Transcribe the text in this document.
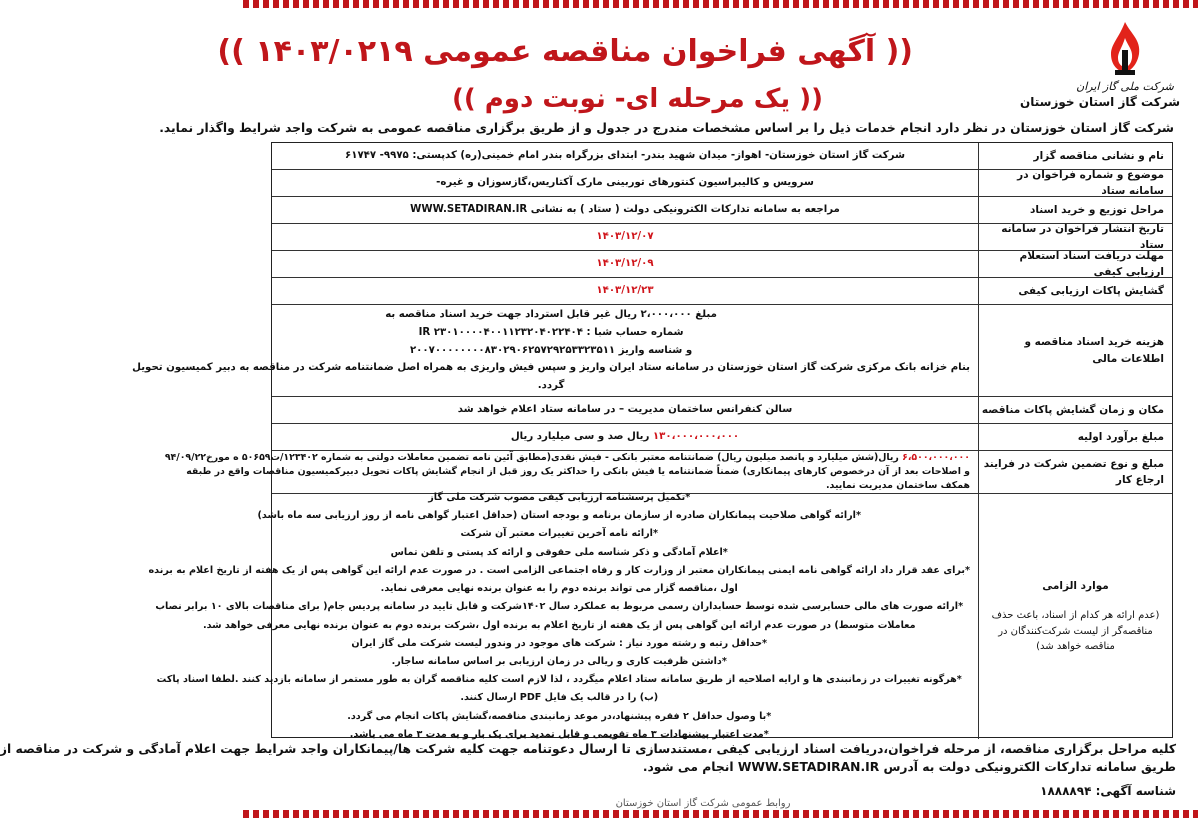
شرکت ملی گاز ایران
شرکت گاز استان خوزستان
(( آگهی فراخوان مناقصه عمومی ۱۴۰۳/۰۲۱۹ ))
(( یک مرحله ای- نوبت دوم ))
شرکت گاز استان خوزستان در نظر دارد انجام خدمات ذیل را بر اساس مشخصات مندرج در جدول و از طریق برگزاری مناقصه عمومی به شرکت واجد شرایط واگذار نماید.
نام و نشانی مناقصه گزار
شرکت گاز استان خوزستان- اهواز- میدان شهید بندر- ابتدای بزرگراه بندر امام خمینی(ره) کدپستی: ۹۹۷۵- ۶۱۷۴۷
موضوع و شماره فراخوان در سامانه ستاد
سرویس و کالیبراسیون کنتورهای توربینی مارک آکتاریس،گازسوزان و غیره-
مراحل توزیع و خرید اسناد
مراجعه به سامانه تدارکات الکترونیکی دولت ( ستاد ) به نشانی WWW.SETADIRAN.IR
تاریخ انتشار فراخوان در سامانه ستاد
۱۴۰۳/۱۲/۰۷
مهلت دریافت اسناد استعلام ارزیابی کیفی
۱۴۰۳/۱۲/۰۹
گشایش پاکات ارزیابی کیفی
۱۴۰۳/۱۲/۲۳
هزینه خرید اسناد مناقصه و اطلاعات مالی
مبلغ ۲،۰۰۰،۰۰۰ ریال غیر قابل استرداد جهت خرید اسناد مناقصه به
شماره حساب شبا : IR ۲۳۰۱۰۰۰۰۴۰۰۱۱۲۳۲۰۴۰۲۲۴۰۴
و شناسه واریز ۲۰۰۷۰۰۰۰۰۰۰۰۸۳۰۲۹۰۶۲۵۷۲۹۲۵۳۳۲۳۵۱۱
بنام خزانه بانک مرکزی شرکت گاز استان خوزستان در سامانه ستاد ایران واریز و سپس فیش واریزی به همراه اصل ضمانتنامه شرکت در مناقصه به دبیر کمیسیون تحویل
گردد.
مکان و زمان گشایش پاکات مناقصه
سالن کنفرانس ساختمان مدیریت – در سامانه ستاد اعلام خواهد شد
مبلغ برآورد اولیه
۱۳۰،۰۰۰،۰۰۰،۰۰۰ ریال صد و سی میلیارد ریال
مبلغ و نوع تضمین شرکت در فرایند ارجاع کار
۶،۵۰۰،۰۰۰،۰۰۰ ریال(شش میلیارد و پانصد میلیون ریال) ضمانتنامه معتبر بانکی - فیش نقدی(مطابق آئین نامه تضمین معاملات دولتی به شماره ۱۲۳۴۰۲/ت۵۰۶۵۹ ه مورخ۹۴/۰۹/۲۲
و اصلاحات بعد از آن درخصوص کارهای پیمانکاری) ضمناً ضمانتنامه یا فیش بانکی را حداکثر یک روز قبل از انجام گشایش پاکات تحویل دبیرکمیسیون مناقصات واقع در طبقه
همکف ساختمان مدیریت نمایید.
موارد الزامی
(عدم ارائه هر کدام از اسناد، باعث حذف مناقصه‌گر از لیست شرکت‌کنندگان در مناقصه خواهد شد)
*تکمیل پرسشنامه ارزیابی کیفی مصوب شرکت ملی گاز
*ارائه گواهی صلاحیت پیمانکاران صادره از سازمان برنامه و بودجه استان (حداقل اعتبار گواهی نامه از روز ارزیابی سه ماه باشد)
*ارائه نامه آخرین تغییرات معتبر آن شرکت
*اعلام آمادگی و ذکر شناسه ملی حقوقی و ارائه کد پستی و تلفن تماس
*برای عقد قرار داد ارائه گواهی نامه ایمنی پیمانکاران معتبر از وزارت کار و رفاه اجتماعی الزامی است . در صورت عدم ارائه این گواهی پس از یک هفته از تاریخ اعلام به برنده
اول ،مناقصه گزار می تواند برنده دوم را به عنوان برنده نهایی معرفی نماید.
*ارائه صورت های مالی حسابرسی شده توسط حسابداران رسمی مربوط به عملکرد سال ۱۴۰۲شرکت و قابل تایید در سامانه پردیس جام( برای مناقصات بالای ۱۰ برابر نصاب
معاملات متوسط) در صورت عدم ارائه این گواهی پس از یک هفته از تاریخ اعلام به برنده اول ،شرکت برنده دوم به عنوان برنده نهایی معرفی خواهد شد.
*حداقل رتبه و رشته مورد نیاز : شرکت های موجود در وندور لیست شرکت ملی گاز ایران
*داشتن ظرفیت کاری و ریالی در زمان ارزیابی بر اساس سامانه ساجار.
*هرگونه تغییرات در زمانبندی ها و ارایه اصلاحیه از طریق سامانه ستاد اعلام میگردد ، لذا لازم است کلیه مناقصه گران به طور مستمر از سامانه بازدید کنند .لطفا اسناد پاکت
(ب) را در قالب یک فایل PDF ارسال کنند.
*با وصول حداقل ۲ فقره پیشنهاد،در موعد زمانبندی مناقصه،گشایش پاکات انجام می گردد.
*مدت اعتبار پیشنهادات ۳ ماه تقویمی و قابل تمدید برای یک بار و به مدت ۳ ماه می باشد.
کلیه مراحل برگزاری مناقصه، از مرحله فراخوان،دریافت اسناد ارزیابی کیفی ،مستندسازی تا ارسال دعوتنامه جهت کلیه شرکت ها/پیمانکاران واجد شرایط جهت اعلام آمادگی و شرکت در مناقصه از
طریق سامانه تدارکات الکترونیکی دولت به آدرس WWW.SETADIRAN.IR انجام می شود.
شناسه آگهی: ۱۸۸۸۸۹۴
روابط عمومی شرکت گاز استان خوزستان
